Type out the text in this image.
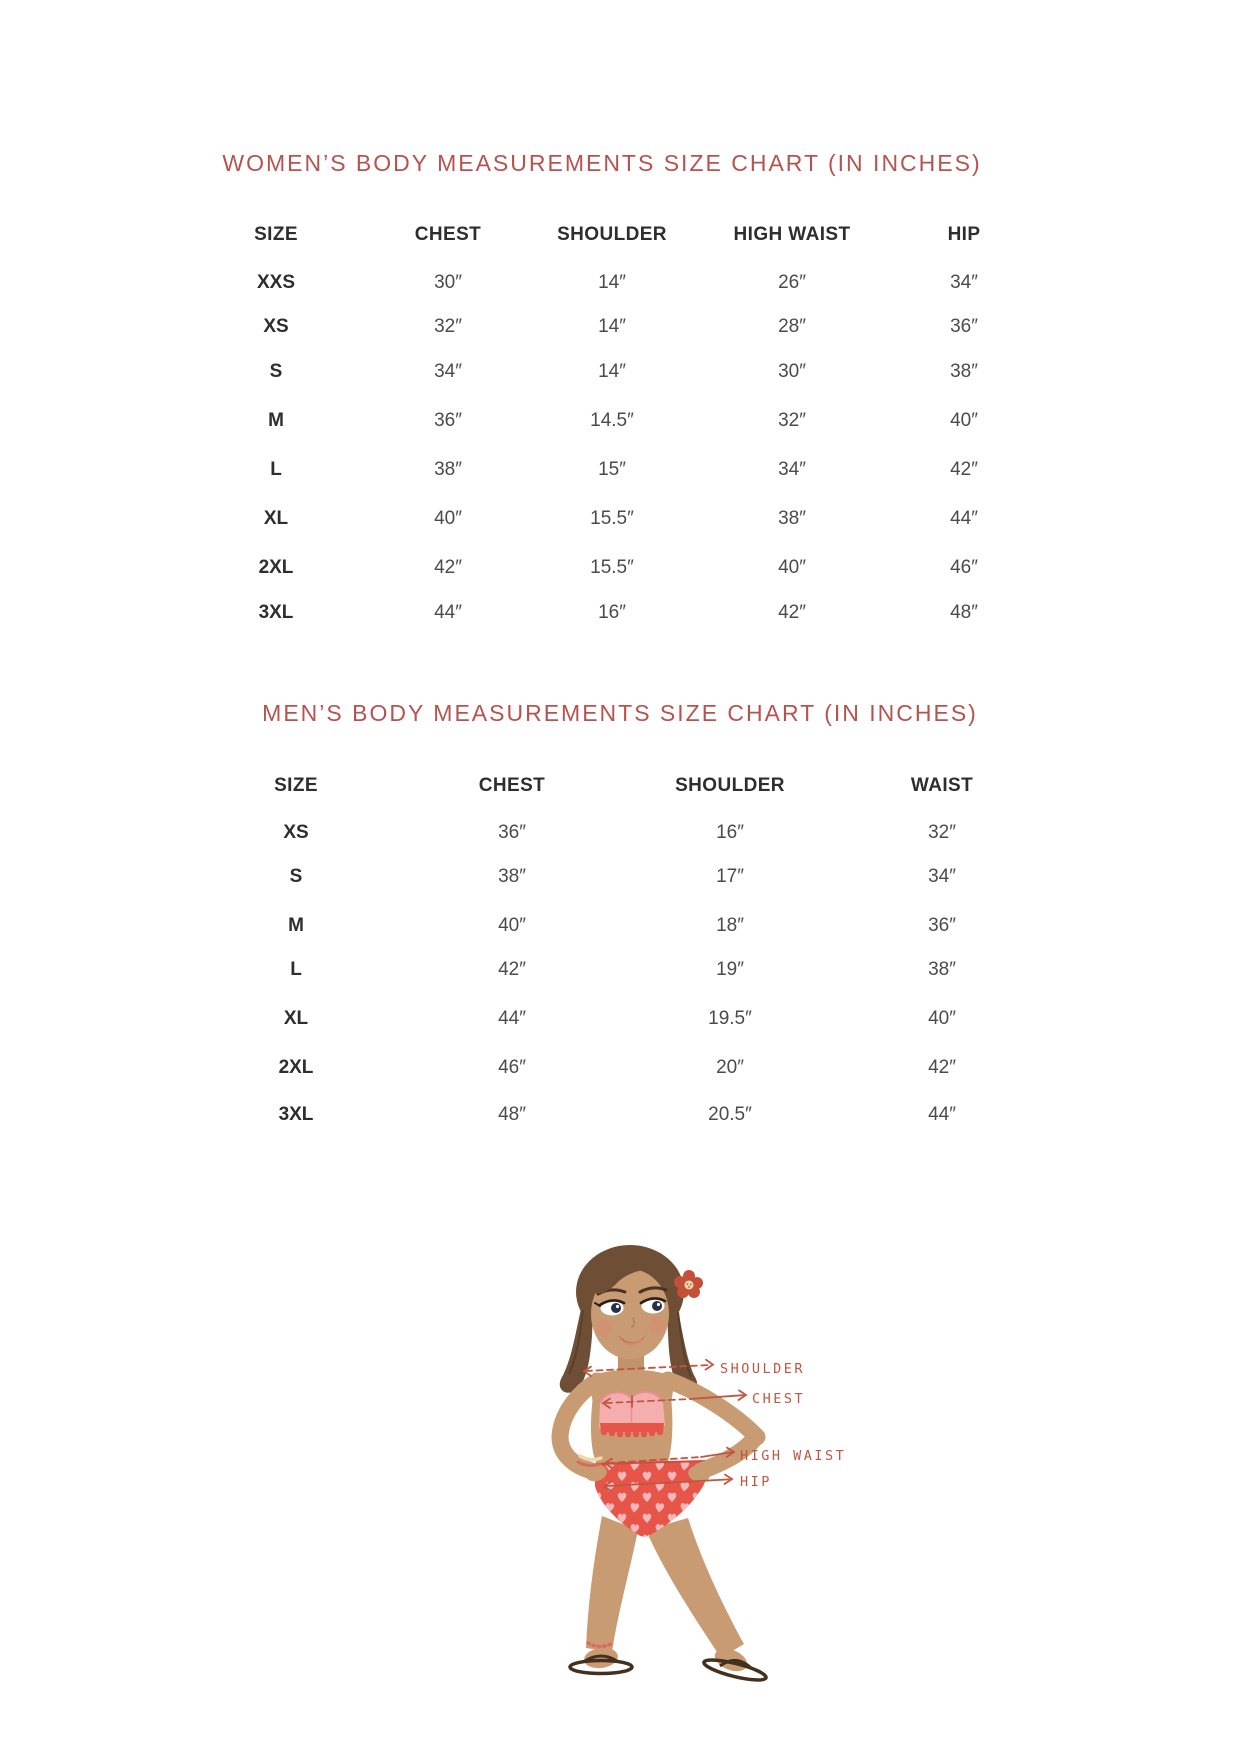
WOMEN’S BODY MEASUREMENTS SIZE CHART (IN INCHES)
SIZE	CHEST	SHOULDER	HIGH WAIST	HIP
XXS	30″	14″	26″	34″
XS	32″	14″	28″	36″
S	34″	14″	30″	38″
M	36″	14.5″	32″	40″
L	38″	15″	34″	42″
XL	40″	15.5″	38″	44″
2XL	42″	15.5″	40″	46″
3XL	44″	16″	42″	48″
MEN’S BODY MEASUREMENTS SIZE CHART (IN INCHES)
SIZE	CHEST	SHOULDER	WAIST
XS	36″	16″	32″
S	38″	17″	34″
M	40″	18″	36″
L	42″	19″	38″
XL	44″	19.5″	40″
2XL	46″	20″	42″
3XL	48″	20.5″	44″
SHOULDER
CHEST
HIGH WAIST
HIP
